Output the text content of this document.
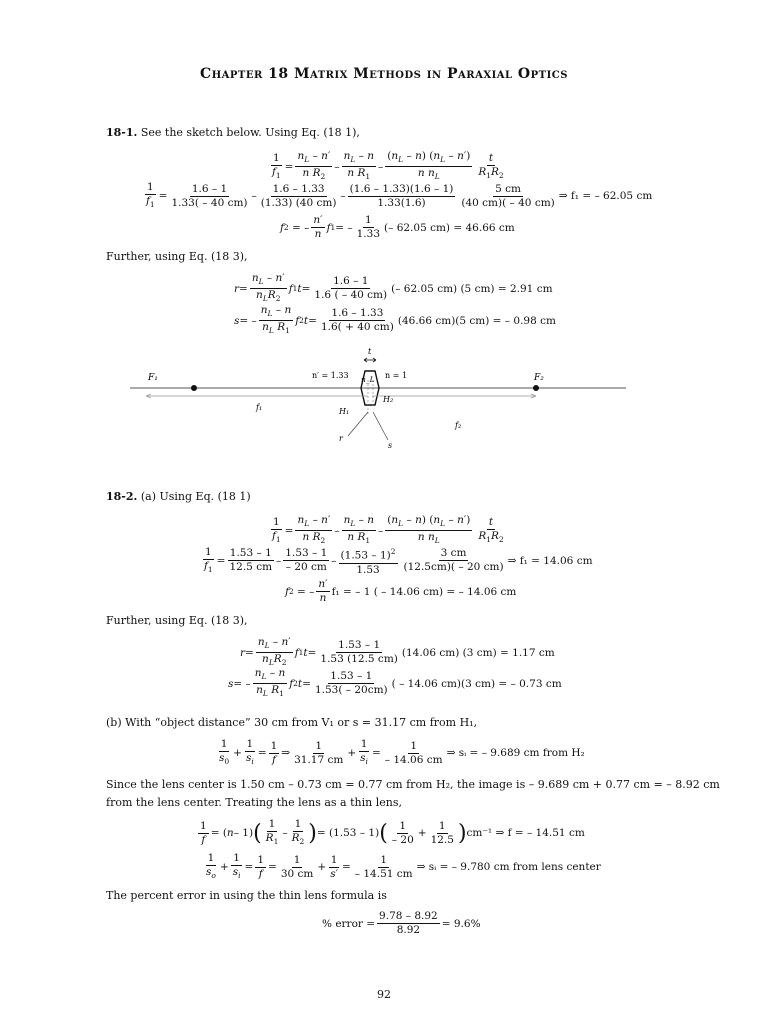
Chapter 18 Matrix Methods in Paraxial Optics
18-1. See the sketch below. Using Eq. (18 1),
1
$f_1$
=
$n_L - n'$
n $R_2$
–
$n_L$ – n
n $R_1$
–
$(n_L - n)$ $(n_L - n')$
n $n_L$
t
$R_1R_2$
1
$f_1$
=
1.6 – 1
1.33( – 40 cm)
–
1.6 – 1.33
(1.33) (40 cm)
–
(1.6 – 1.33)(1.6 – 1)
1.33(1.6)
5 cm
(40 cm)( – 40 cm)
⇒ f₁ = – 62.05 cm
f 2 = –
n′
n
f 1 = –
1
1.33
(– 62.05 cm) = 46.66 cm
Further, using Eq. (18 3),
r =
$n_L - n'$
$n_LR_2$
f 1 t =
1.6 – 1
1.6 ( – 40 cm)
(– 62.05 cm) (5 cm) = 2.91 cm
s = –
$n_L$ – n
$n_L$ $R_1$
f 2 t =
1.6 – 1.33
1.6( + 40 cm)
(46.66 cm)(5 cm) = – 0.98 cm
F₁	F₂
n′ = 1.33 n_L n = 1
t
H₁
H₂
f₁
f₂
r
s
18-2. (a) Using Eq. (18 1)
1
$f_1$
=
$n_L - n'$
n $R_2$
–
$n_L$ – n
n $R_1$
–
$(n_L - n)$ $(n_L - n')$
n $n_L$
t
$R_1R_2$
1
$f_1$
=
1.53 – 1
12.5 cm
–
1.53 – 1
– 20 cm
– (1.53 – 1)$^2$
1.53
3 cm
(12.5cm)( – 20 cm)
⇒ f₁ = 14.06 cm
f 2 = –
n′
n
f₁ = – 1 ( – 14.06 cm) = – 14.06 cm
Further, using Eq. (18 3),
r =
$n_L - n'$
$n_LR_2$
f 1 t =
1.53 – 1
1.53 (12.5 cm)
(14.06 cm) (3 cm) = 1.17 cm
s = –
$n_L$ – n
$n_L$ $R_1$
f 2 t =
1.53 – 1
1.53( – 20cm)
( – 14.06 cm)(3 cm) = – 0.73 cm
(b) With “object distance” 30 cm from V₁ or s = 31.17 cm from H₁,
1
$s_0$
+
1
$s_i$
=
1
f
⇒
1
31.17 cm
+
1
$s_i$
=
1
– 14.06 cm
⇒ sᵢ = – 9.689 cm from H₂
Since the lens center is 1.50 cm – 0.73 cm = 0.77 cm from H₂, the image is – 9.689 cm + 0.77 cm = – 8.92 cm
from the lens center. Treating the lens as a thin lens,
1
f
= ( n – 1) ( 1
$R_1$
–
1
$R_2$ ) = (1.53 – 1) ( 1
– 20
+
1
12.5 ) cm⁻¹ ⇒ f = – 14.51 cm
1
$s_o$
+
1
$s_i$
=
1
f
=
1
30 cm
+
1
s′
=
1
– 14.51 cm
⇒ sᵢ = – 9.780 cm from lens center
The percent error in using the thin lens formula is
% error = $\frac{9.78 - 8.92}{8.92} = 9.6\%$
92
